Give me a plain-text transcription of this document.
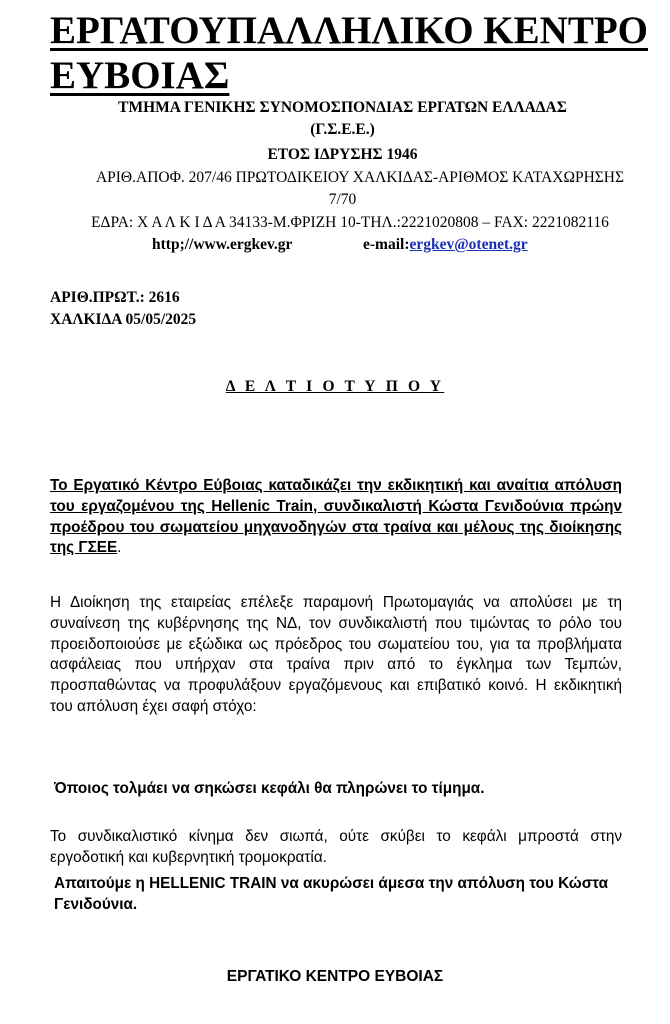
ΕΡΓΑΤΟΥΠΑΛΛΗΛΙΚΟ ΚΕΝΤΡΟ ΕΥΒΟΙΑΣ
ΤΜΗΜΑ ΓΕΝΙΚΗΣ ΣΥΝΟΜΟΣΠΟΝΔΙΑΣ ΕΡΓΑΤΩΝ ΕΛΛΑΔΑΣ
(Γ.Σ.Ε.Ε.)
ΕΤΟΣ ΙΔΡΥΣΗΣ 1946
ΑΡΙΘ.ΑΠΟΦ. 207/46 ΠΡΩΤΟΔΙΚΕΙΟΥ ΧΑΛΚΙΔΑΣ-ΑΡΙΘΜΟΣ ΚΑΤΑΧΩΡΗΣΗΣ
7/70
ΕΔΡΑ: Χ Α Λ Κ Ι Δ Α 34133-Μ.ΦΡΙΖΗ 10-ΤΗΛ.:2221020808 – FAX: 2221082116
http;//www.ergkev.gr	e-mail:ergkev@otenet.gr
ΑΡΙΘ.ΠΡΩΤ.: 2616
ΧΑΛΚΙΔΑ 05/05/2025
Δ Ε Λ Τ Ι Ο Τ Υ Π Ο Υ
Το Εργατικό Κέντρο Εύβοιας καταδικάζει την εκδικητική και αναίτια απόλυση του εργαζομένου της Hellenic Train, συνδικαλιστή Κώστα Γενιδούνια πρώην προέδρου του σωματείου μηχανοδηγών στα τραίνα και μέλους της διοίκησης της ΓΣΕΕ.
Η Διοίκηση της εταιρείας επέλεξε παραμονή Πρωτομαγιάς να απολύσει με τη συναίνεση της κυβέρνησης της ΝΔ, τον συνδικαλιστή που τιμώντας το ρόλο του προειδοποιούσε με εξώδικα ως πρόεδρος του σωματείου του, για τα προβλήματα ασφάλειας που υπήρχαν στα τραίνα πριν από το έγκλημα των Τεμπών, προσπαθώντας να προφυλάξουν εργαζόμενους και επιβατικό κοινό. Η εκδικητική του απόλυση έχει σαφή στόχο:
Όποιος τολμάει να σηκώσει κεφάλι θα πληρώνει το τίμημα.
Το συνδικαλιστικό κίνημα δεν σιωπά, ούτε σκύβει το κεφάλι μπροστά στην εργοδοτική και κυβερνητική τρομοκρατία.
Απαιτούμε η HELLENIC TRAIN να ακυρώσει άμεσα την απόλυση του Κώστα Γενιδούνια.
ΕΡΓΑΤΙΚΟ ΚΕΝΤΡΟ ΕΥΒΟΙΑΣ
